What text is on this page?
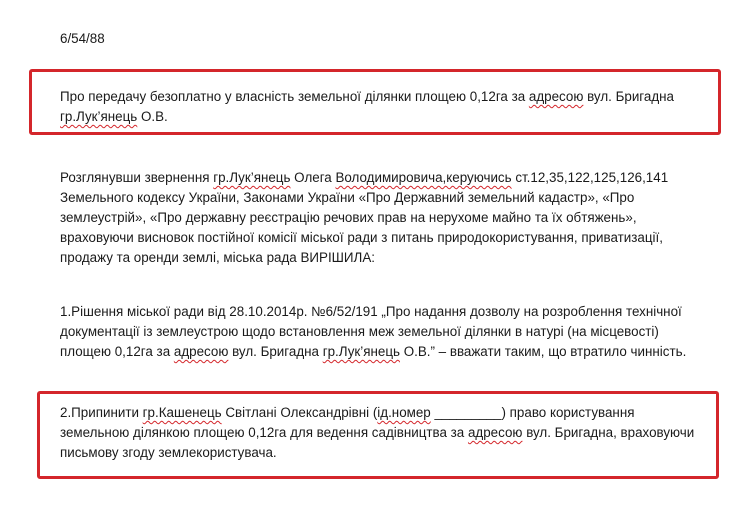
6/54/88
Про передачу безоплатно у власність земельної ділянки площею 0,12га за адресою вул. Бригадна
гр.Лук’янець О.В.
Розглянувши звернення гр.Лук’янець Олега Володимировича,керуючись ст.12,35,122,125,126,141
Земельного кодексу України, Законами України «Про Державний земельний кадастр», «Про
землеустрій», «Про державну реєстрацію речових прав на нерухоме майно та їх обтяжень»,
враховуючи висновок постійної комісії міської ради з питань природокористування, приватизації,
продажу та оренди землі, міська рада ВИРІШИЛА:
1.Рішення міської ради від 28.10.2014р. №6/52/191 „Про надання дозволу на розроблення технічної
документації із землеустрою щодо встановлення меж земельної ділянки в натурі (на місцевості)
площею 0,12га за адресою вул. Бригадна гр.Лук’янець О.В.” – вважати таким, що втратило чинність.
2.Припинити гр.Кашенець Світлані Олександрівні (ід.номер _________) право користування
земельною ділянкою площею 0,12га для ведення садівництва за адресою вул. Бригадна, враховуючи
письмову згоду землекористувача.
